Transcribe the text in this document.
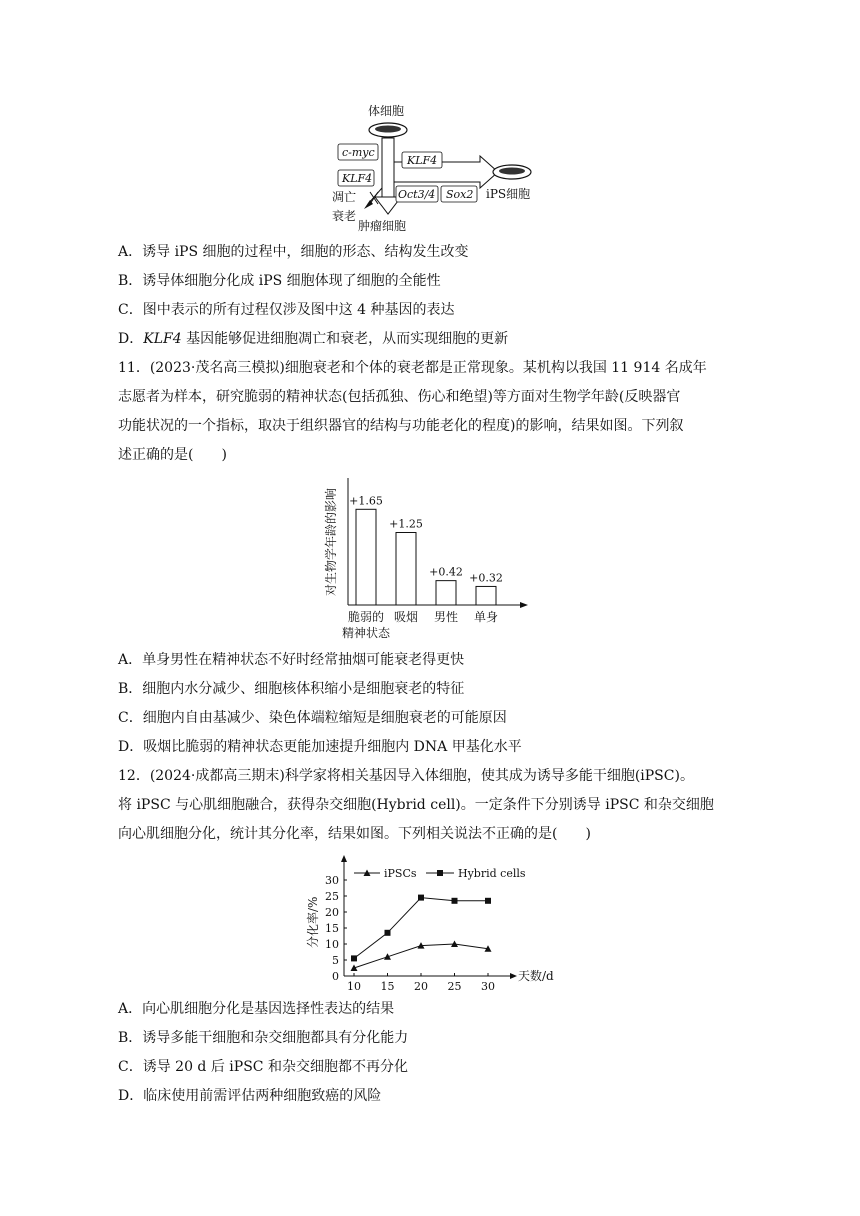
体细胞
c-myc
KLF4
KLF4
Oct3/4 Sox2
凋亡
衰老
肿瘤细胞
iPS细胞
A．诱导 iPS 细胞的过程中，细胞的形态、结构发生改变
B．诱导体细胞分化成 iPS 细胞体现了细胞的全能性
C．图中表示的所有过程仅涉及图中这 4 种基因的表达
D．KLF4 基因能够促进细胞凋亡和衰老，从而实现细胞的更新
11．(2023·茂名高三模拟)细胞衰老和个体的衰老都是正常现象。某机构以我国 11 914 名成年
志愿者为样本，研究脆弱的精神状态(包括孤独、伤心和绝望)等方面对生物学年龄(反映器官
功能状况的一个指标，取决于组织器官的结构与功能老化的程度)的影响，结果如图。下列叙
述正确的是(　　)
对生物学年龄的影响 +1.65
脆弱的
精神状态
+1.25
吸烟
+0.42
男性
+0.32
单身
A．单身男性在精神状态不好时经常抽烟可能衰老得更快
B．细胞内水分减少、细胞核体积缩小是细胞衰老的特征
C．细胞内自由基减少、染色体端粒缩短是细胞衰老的可能原因
D．吸烟比脆弱的精神状态更能加速提升细胞内 DNA 甲基化水平
12．(2024·成都高三期末)科学家将相关基因导入体细胞，使其成为诱导多能干细胞(iPSC)。
将 iPSC 与心肌细胞融合，获得杂交细胞(Hybrid cell)。一定条件下分别诱导 iPSC 和杂交细胞
向心肌细胞分化，统计其分化率，结果如图。下列相关说法不正确的是(　　)
0
5
10
15
20
25
30
10 15 20 25 30
天数/d
分化率/%
iPSCs	Hybrid cells
A．向心肌细胞分化是基因选择性表达的结果
B．诱导多能干细胞和杂交细胞都具有分化能力
C．诱导 20 d 后 iPSC 和杂交细胞都不再分化
D．临床使用前需评估两种细胞致癌的风险
